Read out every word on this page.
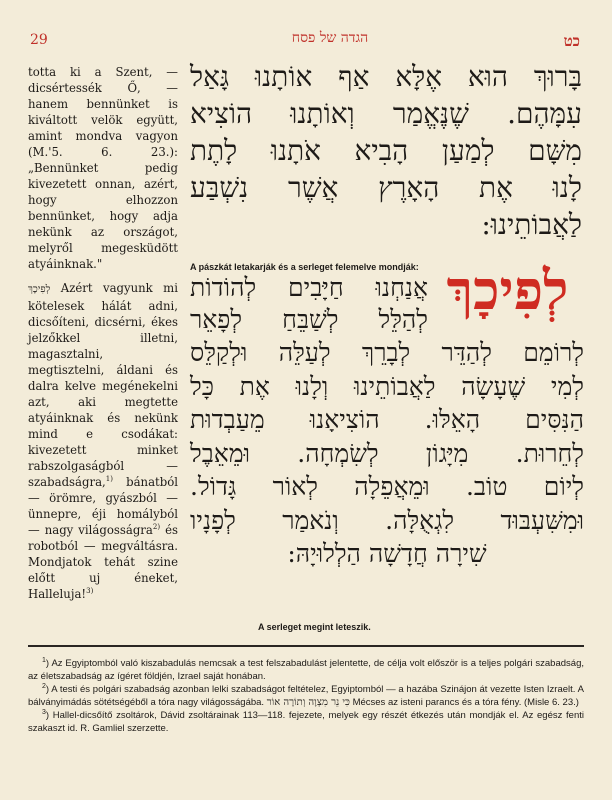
29	הגדה של פסח	כט
totta ki a Szent, — dicsértessék Ő, — hanem bennünket is kiváltott velök együtt, amint mondva vagyon (M.'5. 6. 23.): „Bennünket pedig kivezetett onnan, azért, hogy elhozzon bennünket, hogy adja nekünk az országot, melyről megesküdött atyáinknak."
לְפִיכָךְ Azért vagyunk mi kötelesek hálát adni, dicsőíteni, dicsérni, ékes jelzőkkel illetni, magasztalni, megtisztelni, áldani és dalra kelve megénekelni azt, aki megtette atyáinknak és nekünk mind e csodákat: kivezetett minket rabszolgaságból — szabadságra,$^{1)}$ bánatból — örömre, gyászból — ünnepre, éji homályból — nagy világosságra$^{2)}$ és robotból — megváltásra. Mondjatok tehát szine előtt uj éneket, Halleluja!$^{3)}$
בָּרוּךְ הוּא אֶלָּא אַף אוֹתָנוּ גָּאַל
עִמָּהֶם. שֶׁנֶּאֱמַר וְאוֹתָנוּ הוֹצִיא
מִשָּׁם לְמַעַן הָבִיא אֹתָנוּ לָתֶת
לָנוּ אֶת הָאָרֶץ אֲשֶׁר נִשְׁבַּע
לַאֲבוֹתֵינוּ:
A pászkát letakarják és a serleget felemelve mondják: לְפִיכָךְ
אֲנַחְנוּ חַיָּבִים לְהוֹדוֹת
לְהַלֵּל לְשַׁבֵּחַ לְפָאֵר
לְרוֹמֵם לְהַדֵּר לְבָרֵךְ לְעַלֵּה וּלְקַלֵּס
לְמִי שֶׁעָשָׂה לַאֲבוֹתֵינוּ וְלָנוּ אֶת כָּל
הַנִּסִּים הָאֵלּוּ. הוֹצִיאָנוּ מֵעַבְדוּת
לְחֵרוּת. מִיָּגוֹן לְשִׂמְחָה. וּמֵאֵבֶל
לְיוֹם טוֹב. וּמֵאֲפֵלָה לְאוֹר גָּדוֹל.
וּמִשִּׁעְבּוּד לִגְאֻלָּה. וְנֹאמַר לְפָנָיו
שִׁירָה חֲדָשָׁה הַלְלוּיָהּ:
A serleget megint leteszik.

$^1$) Az Egyiptomból való kiszabadulás nemcsak a test felszabadulást jelentette, de célja volt először is a teljes polgári szabadság, az életszabadság az ígéret földjén, Izrael saját honában.

$^2$) A testi és polgári szabadság azonban lelki szabadságot feltételez, Egyiptomból — a hazába Szinájon át vezette Isten Izraelt. A bálványimádás sötétségéből a tóra nagy világosságába. כִּי נֵר מִצְוָה וְתוֹרָה אוֹר Mécses az isteni parancs és a tóra fény. (Misle 6. 23.)

$^3$) Hallel-dicsőítő zsoltárok, Dávid zsoltárainak 113—118. fejezete, melyek egy részét étkezés után mondják el. Az egész fenti szakaszt id. R. Gamliel szerzette.
